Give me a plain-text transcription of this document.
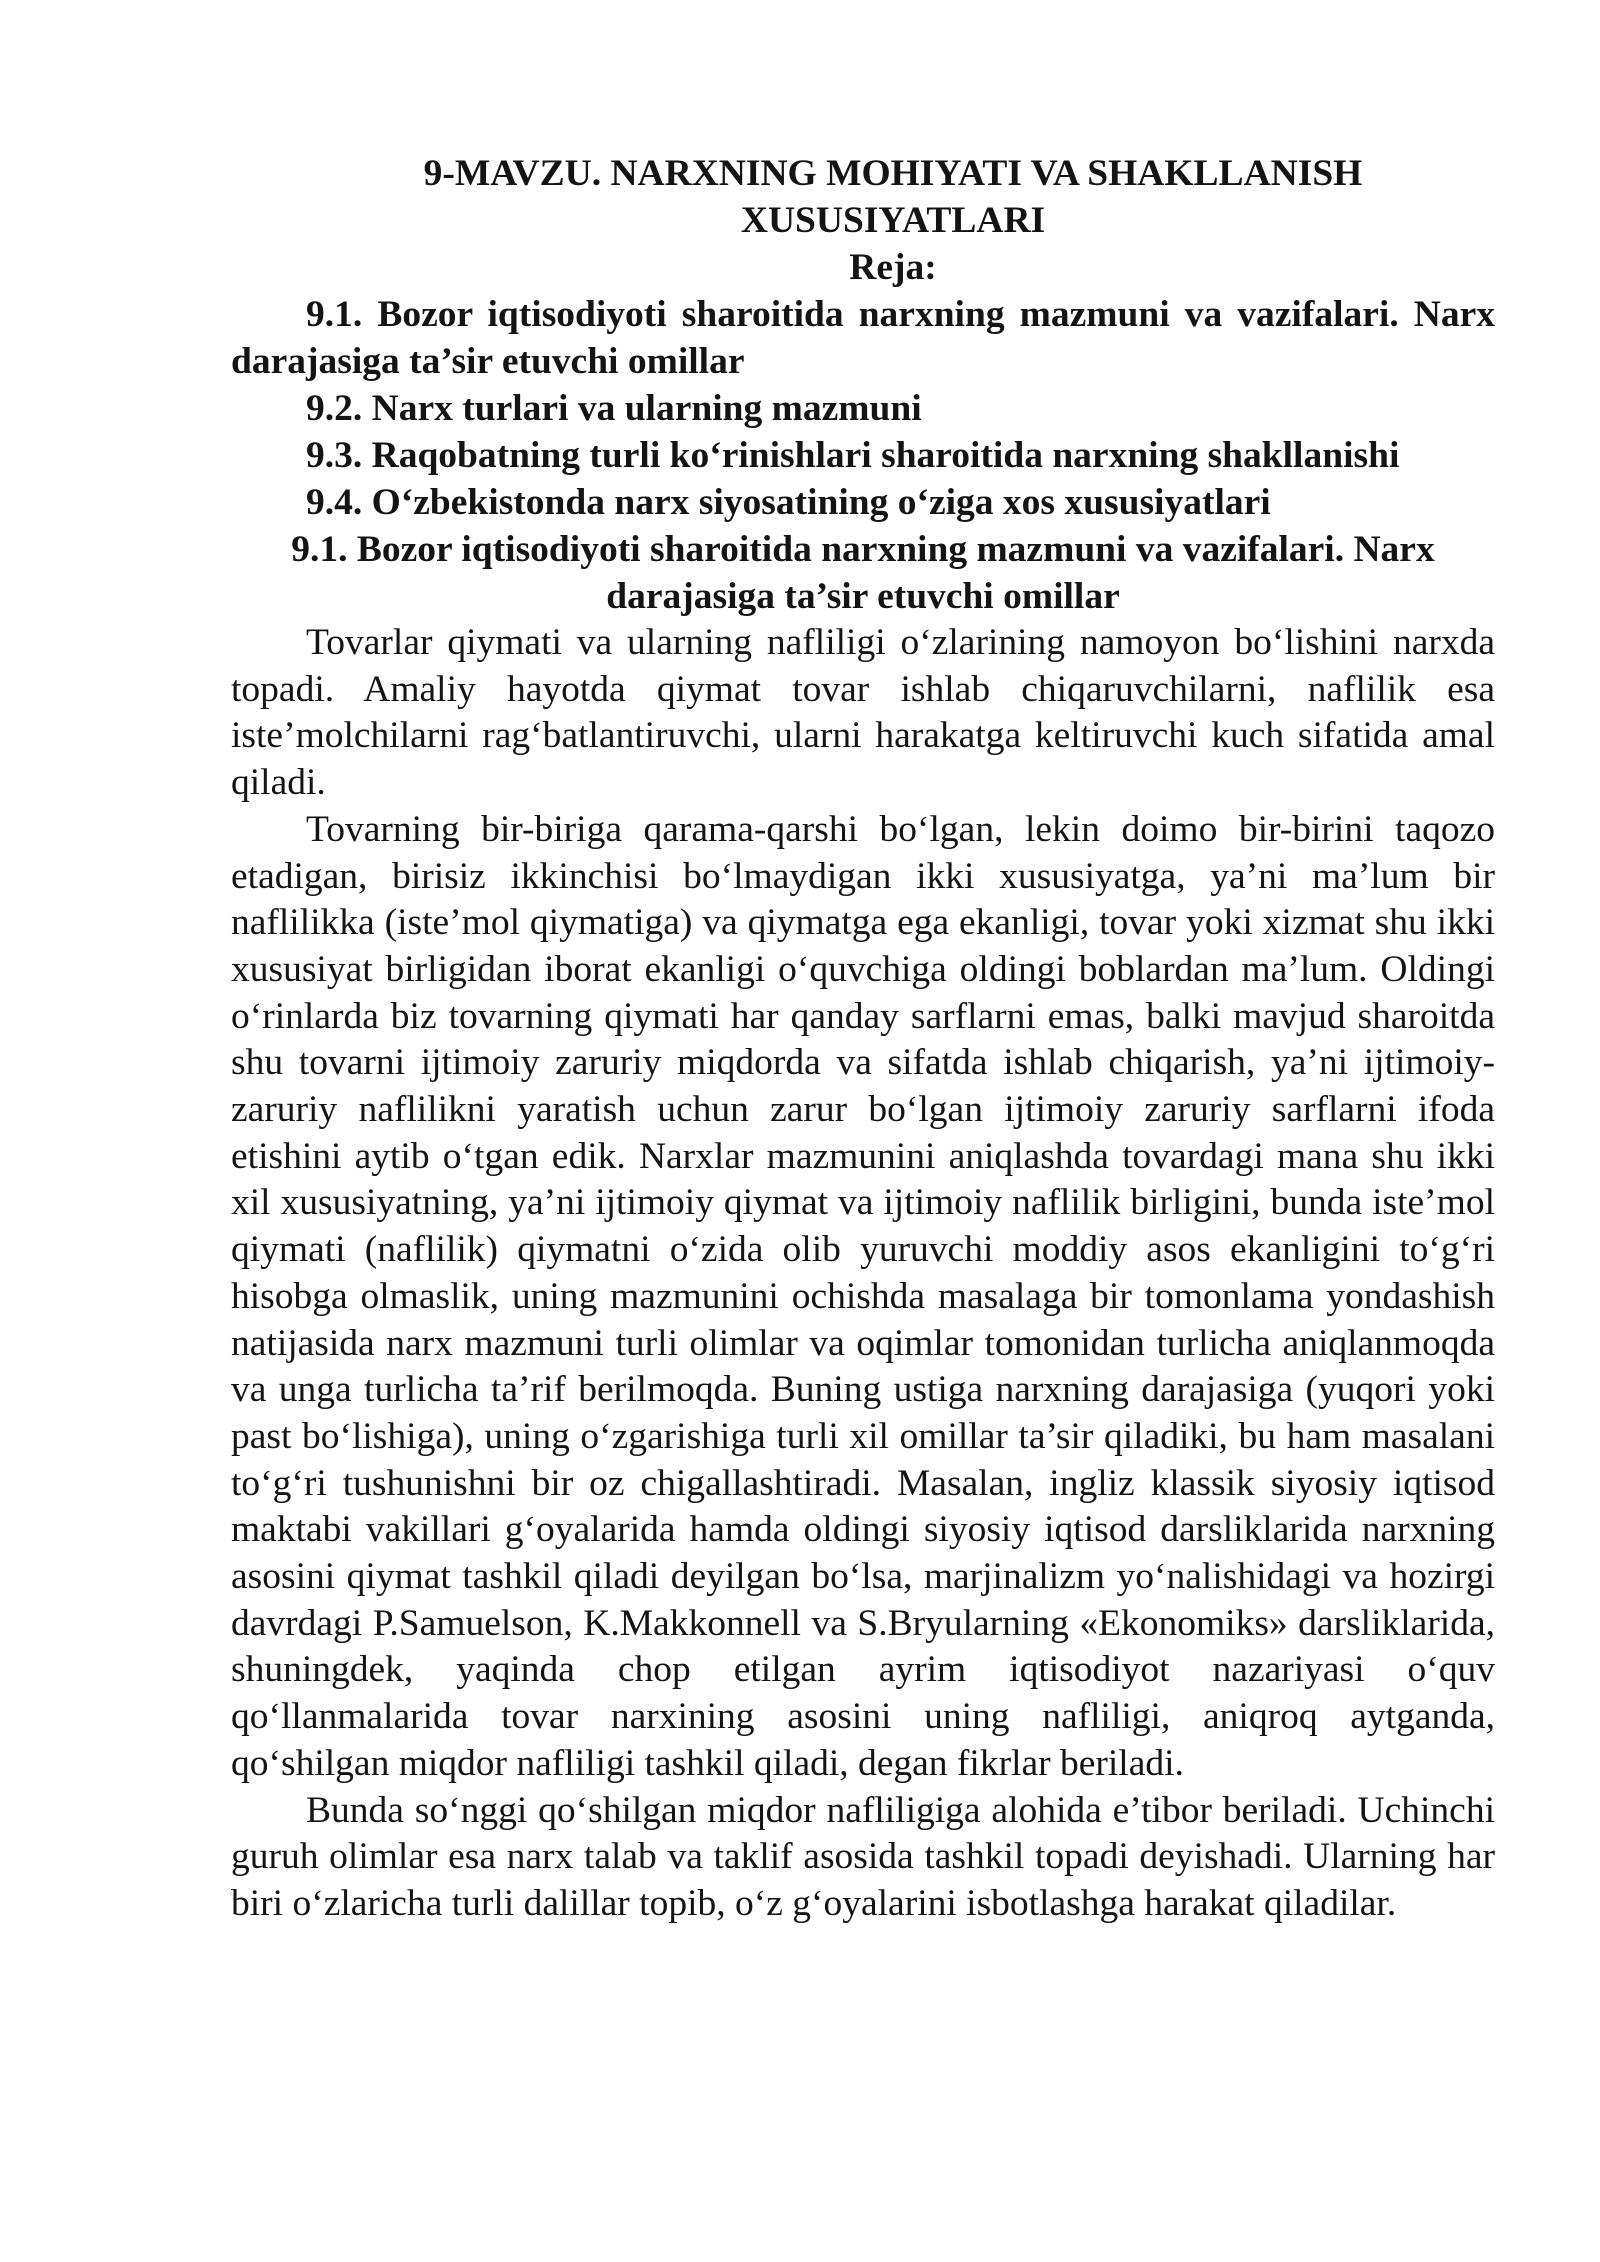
9-MAVZU. NARXNING MOHIYATI VA SHAKLLANISH XUSUSIYATLARI

Reja:

9.1. Bozor iqtisodiyoti sharoitida narxning mazmuni va vazifalari. Narx darajasiga ta’sir etuvchi omillar

9.2. Narx turlari va ularning mazmuni

9.3. Raqobatning turli ko‘rinishlari sharoitida narxning shakllanishi

9.4. O‘zbekistonda narx siyosatining o‘ziga xos xususiyatlari

9.1. Bozor iqtisodiyoti sharoitida narxning mazmuni va vazifalari. Narx darajasiga ta’sir etuvchi omillar

Tovarlar qiymati va ularning nafliligi o‘zlarining namoyon bo‘lishini narxda topadi. Amaliy hayotda qiymat tovar ishlab chiqaruvchilarni, naflilik esa iste’molchilarni rag‘batlantiruvchi, ularni harakatga keltiruvchi kuch sifatida amal qiladi.

Tovarning bir-biriga qarama-qarshi bo‘lgan, lekin doimo bir-birini taqozo etadigan, birisiz ikkinchisi bo‘lmaydigan ikki xususiyatga, ya’ni ma’lum bir naflilikka (iste’mol qiymatiga) va qiymatga ega ekanligi, tovar yoki xizmat shu ikki xususiyat birligidan iborat ekanligi o‘quvchiga oldingi boblardan ma’lum. Oldingi o‘rinlarda biz tovarning qiymati har qanday sarflarni emas, balki mavjud sharoitda shu tovarni ijtimoiy zaruriy miqdorda va sifatda ishlab chiqarish, ya’ni ijtimoiy-zaruriy naflilikni yaratish uchun zarur bo‘lgan ijtimoiy zaruriy sarflarni ifoda etishini aytib o‘tgan edik. Narxlar mazmunini aniqlashda tovardagi mana shu ikki xil xususiyatning, ya’ni ijtimoiy qiymat va ijtimoiy naflilik birligini, bunda iste’mol qiymati (naflilik) qiymatni o‘zida olib yuruvchi moddiy asos ekanligini to‘g‘ri hisobga olmaslik, uning mazmunini ochishda masalaga bir tomonlama yondashish natijasida narx mazmuni turli olimlar va oqimlar tomonidan turlicha aniqlanmoqda va unga turlicha ta’rif berilmoqda. Buning ustiga narxning darajasiga (yuqori yoki past bo‘lishiga), uning o‘zgarishiga turli xil omillar ta’sir qiladiki, bu ham masalani to‘g‘ri tushunishni bir oz chigallashtiradi. Masalan, ingliz klassik siyosiy iqtisod maktabi vakillari g‘oyalarida hamda oldingi siyosiy iqtisod darsliklarida narxning asosini qiymat tashkil qiladi deyilgan bo‘lsa, marjinalizm yo‘nalishidagi va hozirgi davrdagi P.Samuelson, K.Makkonnell va S.Bryularning «Ekonomiks» darsliklarida, shuningdek, yaqinda chop etilgan ayrim iqtisodiyot nazariyasi o‘quv qo‘llanmalarida tovar narxining asosini uning nafliligi, aniqroq aytganda, qo‘shilgan miqdor nafliligi tashkil qiladi, degan fikrlar beriladi.

Bunda so‘nggi qo‘shilgan miqdor nafliligiga alohida e’tibor beriladi. Uchinchi guruh olimlar esa narx talab va taklif asosida tashkil topadi deyishadi. Ularning har biri o‘zlaricha turli dalillar topib, o‘z g‘oyalarini isbotlashga harakat qiladilar.
